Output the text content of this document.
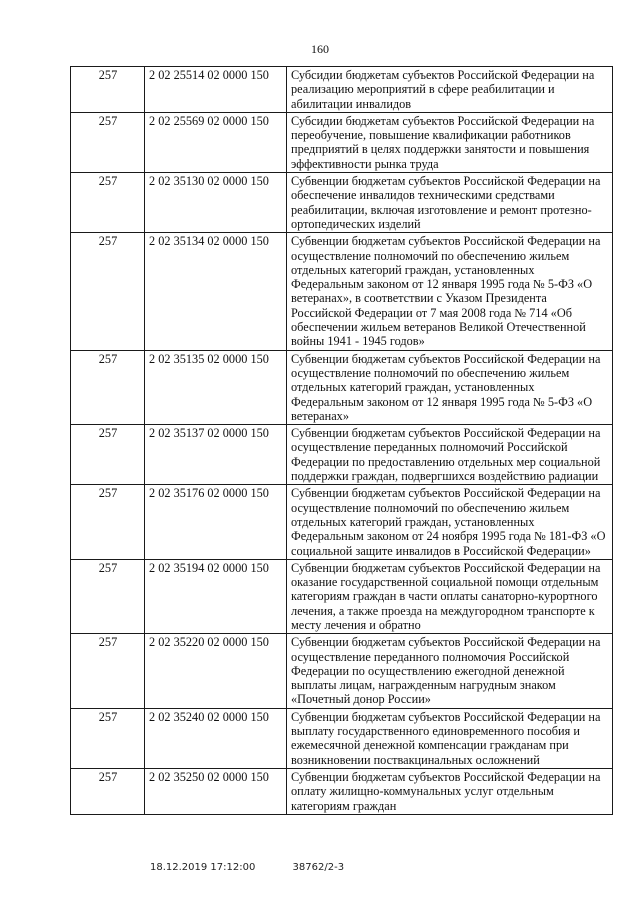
160
257	2 02 25514 02 0000 150	Субсидии бюджетам субъектов Российской Федерации на реализацию мероприятий в сфере реабилитации и абилитации инвалидов
257	2 02 25569 02 0000 150	Субсидии бюджетам субъектов Российской Федерации на переобучение, повышение квалификации работников предприятий в целях поддержки занятости и повышения эффективности рынка труда
257	2 02 35130 02 0000 150	Субвенции бюджетам субъектов Российской Федерации на обеспечение инвалидов техническими средствами реабилитации, включая изготовление и ремонт протезно-ортопедических изделий
257	2 02 35134 02 0000 150	Субвенции бюджетам субъектов Российской Федерации на осуществление полномочий по обеспечению жильем отдельных категорий граждан, установленных Федеральным законом от 12 января 1995 года № 5-ФЗ «О ветеранах», в соответствии с Указом Президента Российской Федерации от 7 мая 2008 года № 714 «Об обеспечении жильем ветеранов Великой Отечественной войны 1941 - 1945 годов»
257	2 02 35135 02 0000 150	Субвенции бюджетам субъектов Российской Федерации на осуществление полномочий по обеспечению жильем отдельных категорий граждан, установленных Федеральным законом от 12 января 1995 года № 5-ФЗ «О ветеранах»
257	2 02 35137 02 0000 150	Субвенции бюджетам субъектов Российской Федерации на осуществление переданных полномочий Российской Федерации по предоставлению отдельных мер социальной поддержки граждан, подвергшихся воздействию радиации
257	2 02 35176 02 0000 150	Субвенции бюджетам субъектов Российской Федерации на осуществление полномочий по обеспечению жильем отдельных категорий граждан, установленных Федеральным законом от 24 ноября 1995 года № 181-ФЗ «О социальной защите инвалидов в Российской Федерации»
257	2 02 35194 02 0000 150	Субвенции бюджетам субъектов Российской Федерации на оказание государственной социальной помощи отдельным категориям граждан в части оплаты санаторно-курортного лечения, а также проезда на междугородном транспорте к месту лечения и обратно
257	2 02 35220 02 0000 150	Субвенции бюджетам субъектов Российской Федерации на осуществление переданного полномочия Российской Федерации по осуществлению ежегодной денежной выплаты лицам, награжденным нагрудным знаком «Почетный донор России»
257	2 02 35240 02 0000 150	Субвенции бюджетам субъектов Российской Федерации на выплату государственного единовременного пособия и ежемесячной денежной компенсации гражданам при возникновении поствакцинальных осложнений
257	2 02 35250 02 0000 150	Субвенции бюджетам субъектов Российской Федерации на оплату жилищно-коммунальных услуг отдельным категориям граждан
18.12.2019 17:12:00	38762/2-3
